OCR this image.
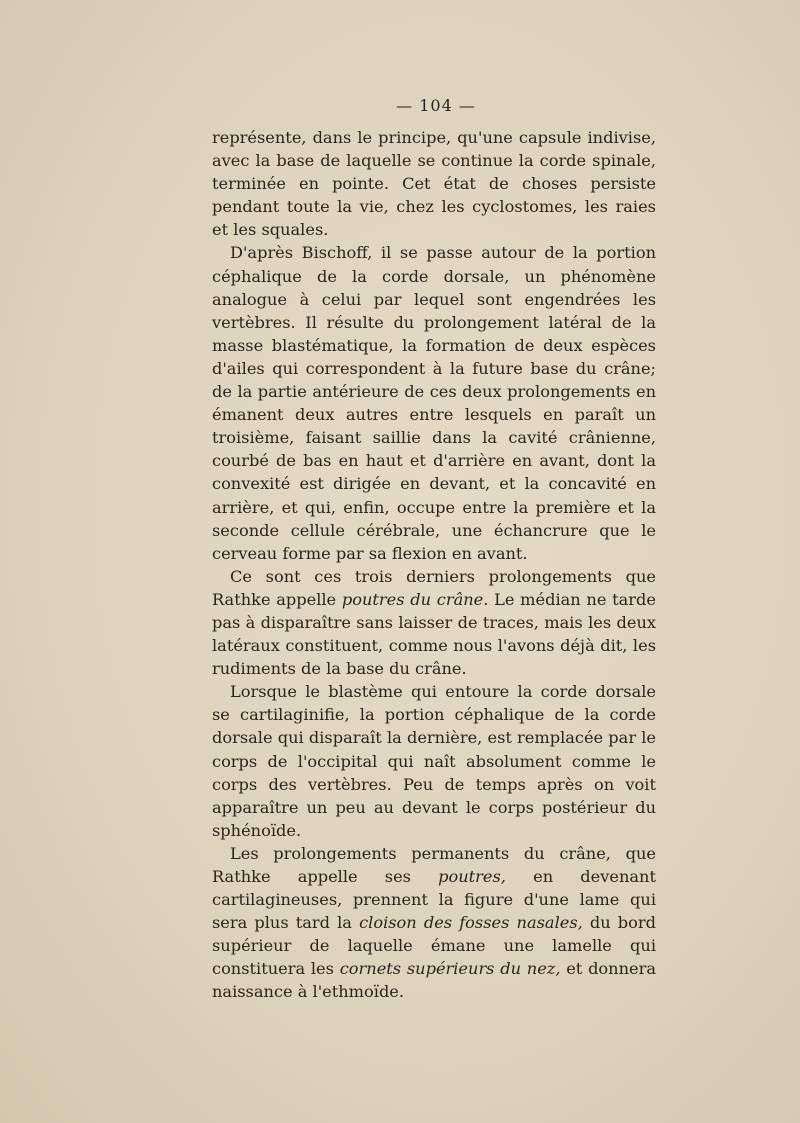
— 104 —

représente, dans le principe, qu'une capsule indivise, avec la base de laquelle se continue la corde spinale, terminée en pointe. Cet état de choses persiste pendant toute la vie, chez les cyclostomes, les raies et les squales.

D'après Bischoff, il se passe autour de la portion céphalique de la corde dorsale, un phénomène analogue à celui par lequel sont engendrées les vertèbres. Il résulte du prolongement latéral de la masse blastématique, la formation de deux espèces d'ailes qui correspondent à la future base du crâne; de la partie antérieure de ces deux prolongements en émanent deux autres entre lesquels en paraît un troisième, faisant saillie dans la cavité crânienne, courbé de bas en haut et d'arrière en avant, dont la convexité est dirigée en devant, et la concavité en arrière, et qui, enfin, occupe entre la première et la seconde cellule cérébrale, une échancrure que le cerveau forme par sa flexion en avant.

Ce sont ces trois derniers prolongements que Rathke appelle poutres du crâne. Le médian ne tarde pas à disparaître sans laisser de traces, mais les deux latéraux constituent, comme nous l'avons déjà dit, les rudiments de la base du crâne.

Lorsque le blastème qui entoure la corde dorsale se cartilaginifie, la portion céphalique de la corde dorsale qui disparaît la dernière, est remplacée par le corps de l'occipital qui naît absolument comme le corps des vertèbres. Peu de temps après on voit apparaître un peu au devant le corps postérieur du sphénoïde.

Les prolongements permanents du crâne, que Rathke appelle ses poutres, en devenant cartilagineuses, prennent la figure d'une lame qui sera plus tard la cloison des fosses nasales, du bord supérieur de laquelle émane une lamelle qui constituera les cornets supérieurs du nez, et donnera naissance à l'ethmoïde.
